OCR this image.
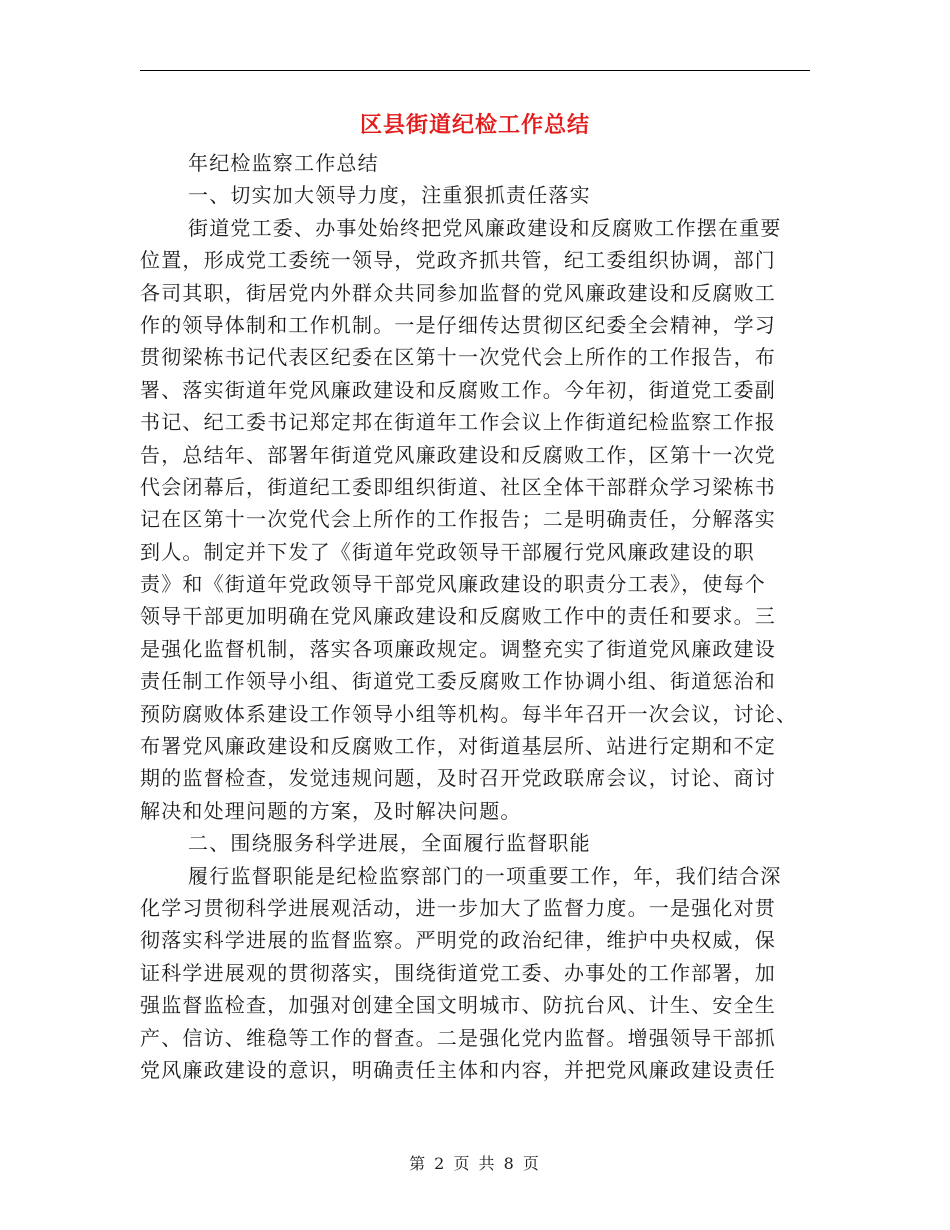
区县街道纪检工作总结
年纪检监察工作总结
一、切实加大领导力度，注重狠抓责任落实
街道党工委、办事处始终把党风廉政建设和反腐败工作摆在重要
位置，形成党工委统一领导，党政齐抓共管，纪工委组织协调，部门
各司其职，街居党内外群众共同参加监督的党风廉政建设和反腐败工
作的领导体制和工作机制。一是仔细传达贯彻区纪委全会精神，学习
贯彻梁栋书记代表区纪委在区第十一次党代会上所作的工作报告，布
署、落实街道年党风廉政建设和反腐败工作。今年初，街道党工委副
书记、纪工委书记郑定邦在街道年工作会议上作街道纪检监察工作报
告，总结年、部署年街道党风廉政建设和反腐败工作，区第十一次党
代会闭幕后，街道纪工委即组织街道、社区全体干部群众学习梁栋书
记在区第十一次党代会上所作的工作报告；二是明确责任，分解落实
到人。制定并下发了《街道年党政领导干部履行党风廉政建设的职
责》和《街道年党政领导干部党风廉政建设的职责分工表》，使每个
领导干部更加明确在党风廉政建设和反腐败工作中的责任和要求。三
是强化监督机制，落实各项廉政规定。调整充实了街道党风廉政建设
责任制工作领导小组、街道党工委反腐败工作协调小组、街道惩治和
预防腐败体系建设工作领导小组等机构。每半年召开一次会议，讨论、
布署党风廉政建设和反腐败工作，对街道基层所、站进行定期和不定
期的监督检查，发觉违规问题，及时召开党政联席会议，讨论、商讨
解决和处理问题的方案，及时解决问题。
二、围绕服务科学进展，全面履行监督职能
履行监督职能是纪检监察部门的一项重要工作，年，我们结合深
化学习贯彻科学进展观活动，进一步加大了监督力度。一是强化对贯
彻落实科学进展的监督监察。严明党的政治纪律，维护中央权威，保
证科学进展观的贯彻落实，围绕街道党工委、办事处的工作部署，加
强监督监检查，加强对创建全国文明城市、防抗台风、计生、安全生
产、信访、维稳等工作的督查。二是强化党内监督。增强领导干部抓
党风廉政建设的意识，明确责任主体和内容，并把党风廉政建设责任
第 2 页 共 8 页
